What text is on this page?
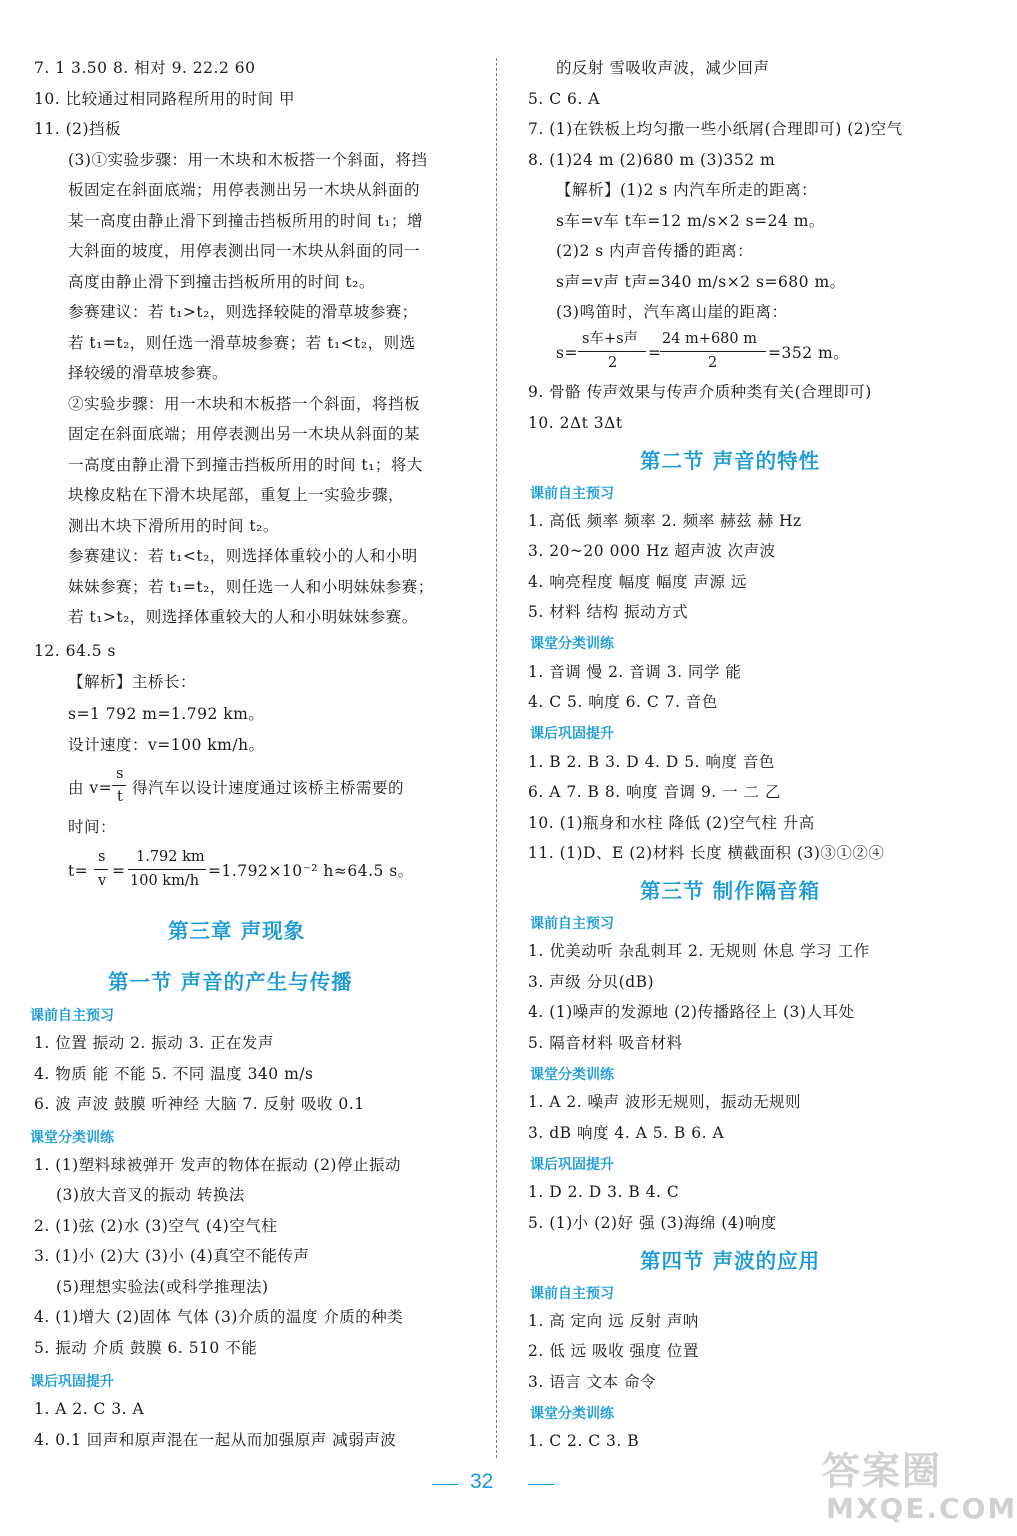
7. 1 3.50 8. 相对 9. 22.2 60
10. 比较通过相同路程所用的时间 甲
11. (2)挡板
(3)①实验步骤：用一木块和木板搭一个斜面，将挡
板固定在斜面底端；用停表测出另一木块从斜面的
某一高度由静止滑下到撞击挡板所用的时间 t₁；增
大斜面的坡度，用停表测出同一木块从斜面的同一
高度由静止滑下到撞击挡板所用的时间 t₂。
参赛建议：若 t₁>t₂，则选择较陡的滑草坡参赛；
若 t₁=t₂，则任选一滑草坡参赛；若 t₁<t₂，则选
择较缓的滑草坡参赛。
②实验步骤：用一木块和木板搭一个斜面，将挡板
固定在斜面底端；用停表测出另一木块从斜面的某
一高度由静止滑下到撞击挡板所用的时间 t₁；将大
块橡皮粘在下滑木块尾部，重复上一实验步骤，
测出木块下滑所用的时间 t₂。
参赛建议：若 t₁<t₂，则选择体重较小的人和小明
妹妹参赛；若 t₁=t₂，则任选一人和小明妹妹参赛；
若 t₁>t₂，则选择体重较大的人和小明妹妹参赛。
12. 64.5 s
【解析】主桥长：
s=1 792 m=1.792 km。
设计速度：v=100 km/h。
由 v=
s
t 得汽车以设计速度通过该桥主桥需要的
时间：
t=
s
v
=
1.792 km
100 km/h
=1.792×10⁻² h≈64.5 s。
第三章 声现象
第一节 声音的产生与传播
课前自主预习
1. 位置 振动 2. 振动 3. 正在发声
4. 物质 能 不能 5. 不同 温度 340 m/s
6. 波 声波 鼓膜 听神经 大脑 7. 反射 吸收 0.1
课堂分类训练
1. (1)塑料球被弹开 发声的物体在振动 (2)停止振动
(3)放大音叉的振动 转换法
2. (1)弦 (2)水 (3)空气 (4)空气柱
3. (1)小 (2)大 (3)小 (4)真空不能传声
(5)理想实验法(或科学推理法)
4. (1)增大 (2)固体 气体 (3)介质的温度 介质的种类
5. 振动 介质 鼓膜 6. 510 不能
课后巩固提升
1. A 2. C 3. A
4. 0.1 回声和原声混在一起从而加强原声 减弱声波
的反射 雪吸收声波，减少回声
5. C 6. A
7. (1)在铁板上均匀撒一些小纸屑(合理即可) (2)空气
8. (1)24 m (2)680 m (3)352 m
【解析】(1)2 s 内汽车所走的距离：
s车=v车 t车=12 m/s×2 s=24 m。
(2)2 s 内声音传播的距离：
s声=v声 t声=340 m/s×2 s=680 m。
(3)鸣笛时，汽车离山崖的距离：
s=
s车+s声
2
=
24 m+680 m
2
=352 m。
9. 骨骼 传声效果与传声介质种类有关(合理即可)
10. 2Δt 3Δt
第二节 声音的特性
课前自主预习
1. 高低 频率 频率 2. 频率 赫兹 赫 Hz
3. 20~20 000 Hz 超声波 次声波
4. 响亮程度 幅度 幅度 声源 远
5. 材料 结构 振动方式
课堂分类训练
1. 音调 慢 2. 音调 3. 同学 能
4. C 5. 响度 6. C 7. 音色
课后巩固提升
1. B 2. B 3. D 4. D 5. 响度 音色
6. A 7. B 8. 响度 音调 9. 一 二 乙
10. (1)瓶身和水柱 降低 (2)空气柱 升高
11. (1)D、E (2)材料 长度 横截面积 (3)③①②④
第三节 制作隔音箱
课前自主预习
1. 优美动听 杂乱刺耳 2. 无规则 休息 学习 工作
3. 声级 分贝(dB)
4. (1)噪声的发源地 (2)传播路径上 (3)人耳处
5. 隔音材料 吸音材料
课堂分类训练
1. A 2. 噪声 波形无规则，振动无规则
3. dB 响度 4. A 5. B 6. A
课后巩固提升
1. D 2. D 3. B 4. C
5. (1)小 (2)好 强 (3)海绵 (4)响度
第四节 声波的应用
课前自主预习
1. 高 定向 远 反射 声呐
2. 低 远 吸收 强度 位置
3. 语言 文本 命令
课堂分类训练
1. C 2. C 3. B
32	答案圈
MXQE.COM
